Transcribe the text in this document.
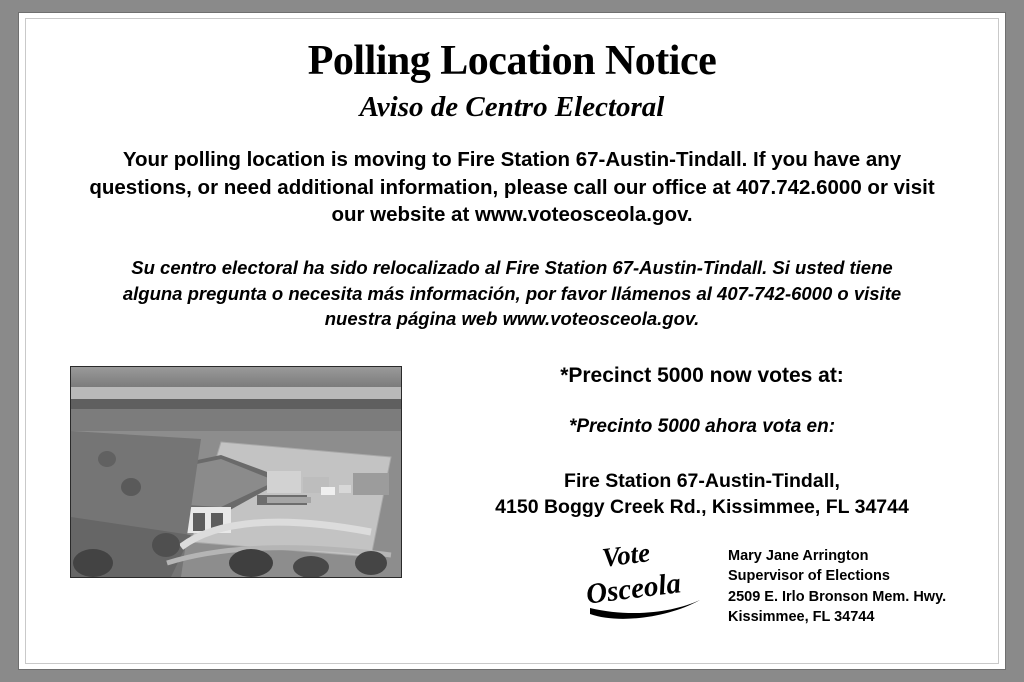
Polling Location Notice
Aviso de Centro Electoral
Your polling location is moving to Fire Station 67-Austin-Tindall. If you have any questions, or need additional information, please call our office at 407.742.6000 or visit our website at www.voteosceola.gov.
Su centro electoral ha sido relocalizado al Fire Station 67-Austin-Tindall. Si usted tiene alguna pregunta o necesita más información, por favor llámenos al 407-742-6000 o visite nuestra página web www.voteosceola.gov.
*Precinct 5000 now votes at:
*Precinto 5000 ahora vota en:
Fire Station 67-Austin-Tindall,
4150 Boggy Creek Rd., Kissimmee, FL 34744
Vote
Osceola
Mary Jane Arrington
Supervisor of Elections
2509 E. Irlo Bronson Mem. Hwy.
Kissimmee, FL 34744
